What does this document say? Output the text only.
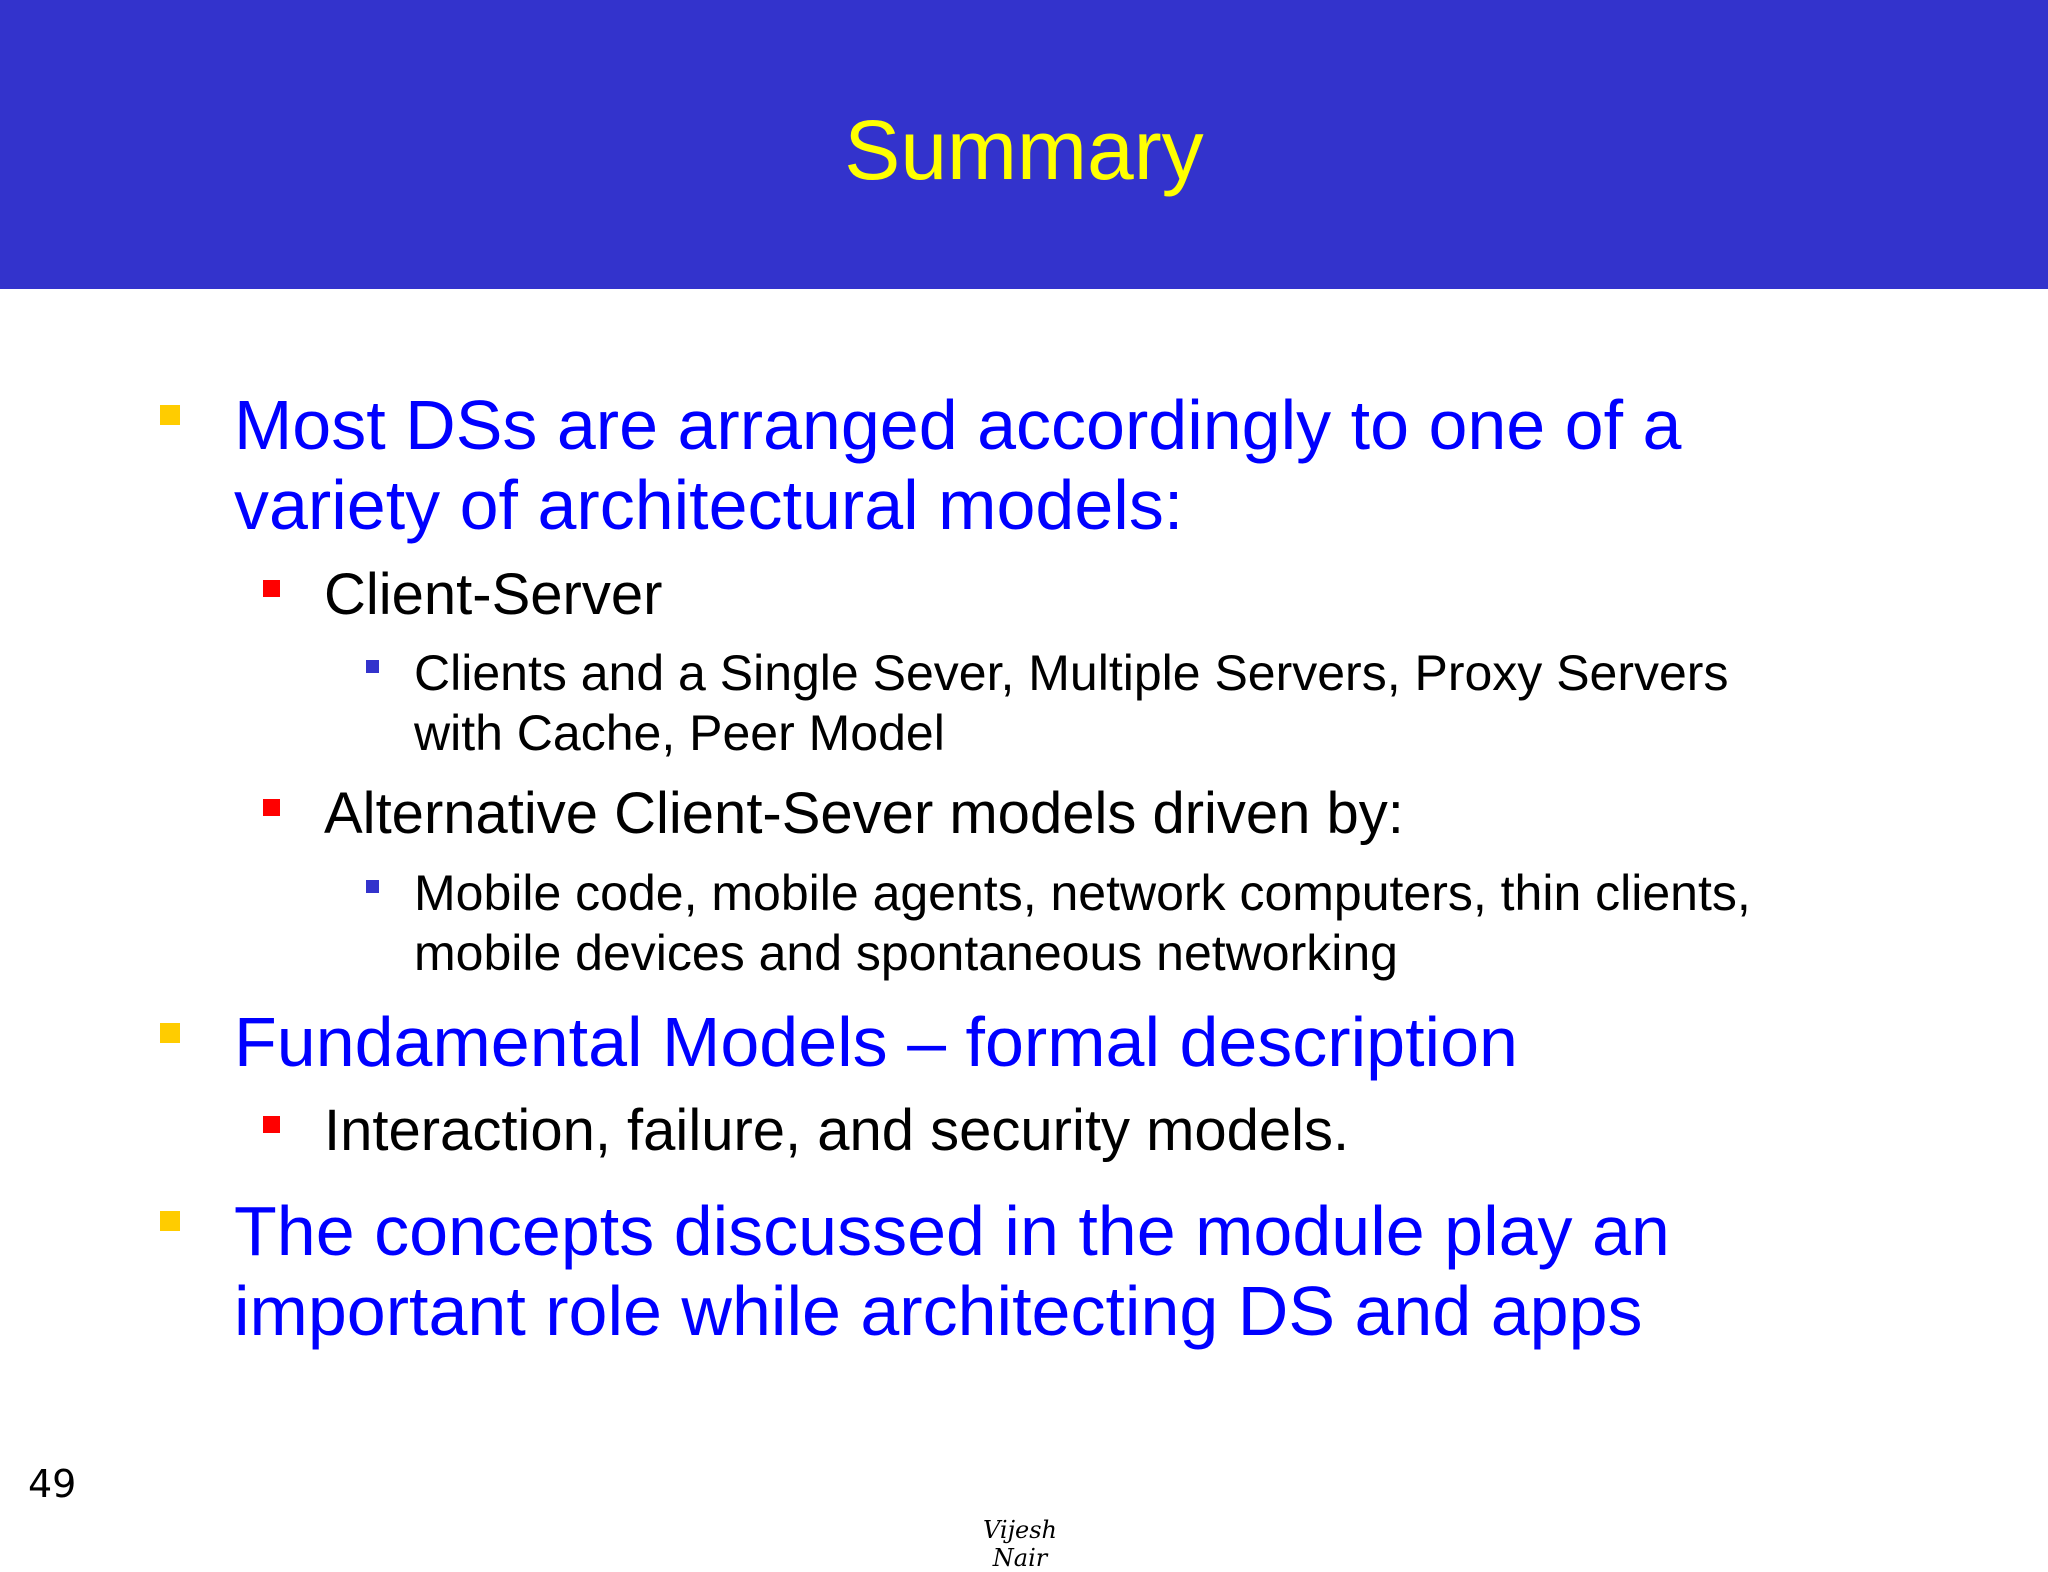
Summary
Most DSs are arranged accordingly to one of a
variety of architectural models:
Client-Server
Clients and a Single Sever, Multiple Servers, Proxy Servers
with Cache, Peer Model
Alternative Client-Sever models driven by:
Mobile code, mobile agents, network computers, thin clients,
mobile devices and spontaneous networking
Fundamental Models – formal description
Interaction, failure, and security models.
The concepts discussed in the module play an
important role while architecting DS and apps
49
Vijesh Nair
